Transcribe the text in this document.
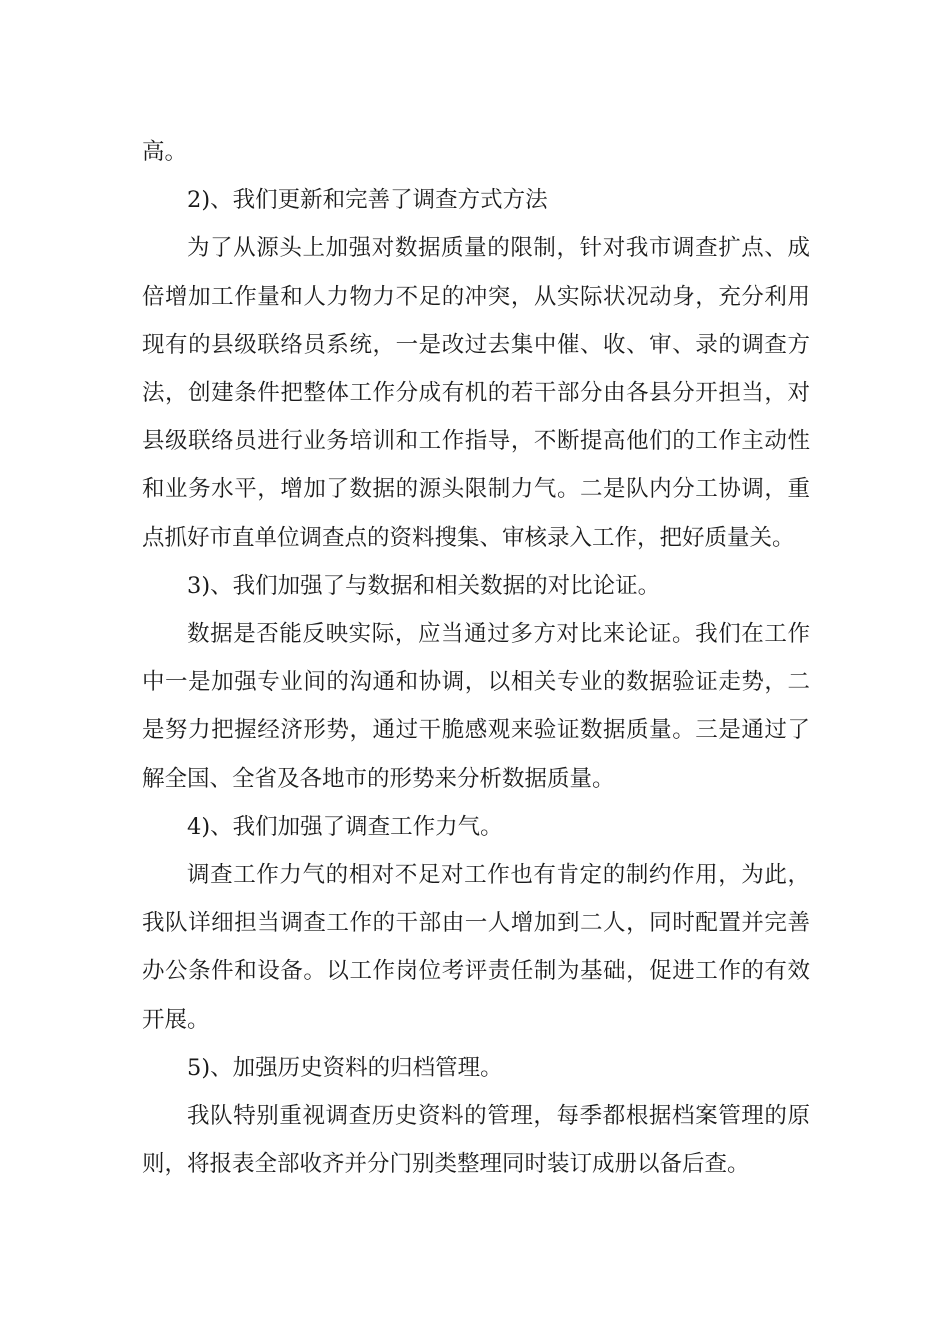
高。

2)、我们更新和完善了调查方式方法

为了从源头上加强对数据质量的限制，针对我市调查扩点、成倍增加工作量和人力物力不足的冲突，从实际状况动身，充分利用现有的县级联络员系统，一是改过去集中催、收、审、录的调查方法，创建条件把整体工作分成有机的若干部分由各县分开担当，对县级联络员进行业务培训和工作指导，不断提高他们的工作主动性和业务水平，增加了数据的源头限制力气。二是队内分工协调，重点抓好市直单位调查点的资料搜集、审核录入工作，把好质量关。

3)、我们加强了与数据和相关数据的对比论证。

数据是否能反映实际，应当通过多方对比来论证。我们在工作中一是加强专业间的沟通和协调，以相关专业的数据验证走势，二是努力把握经济形势，通过干脆感观来验证数据质量。三是通过了解全国、全省及各地市的形势来分析数据质量。

4)、我们加强了调查工作力气。

调查工作力气的相对不足对工作也有肯定的制约作用，为此，我队详细担当调查工作的干部由一人增加到二人，同时配置并完善办公条件和设备。以工作岗位考评责任制为基础，促进工作的有效开展。

5)、加强历史资料的归档管理。

我队特别重视调查历史资料的管理，每季都根据档案管理的原则，将报表全部收齐并分门别类整理同时装订成册以备后查。
